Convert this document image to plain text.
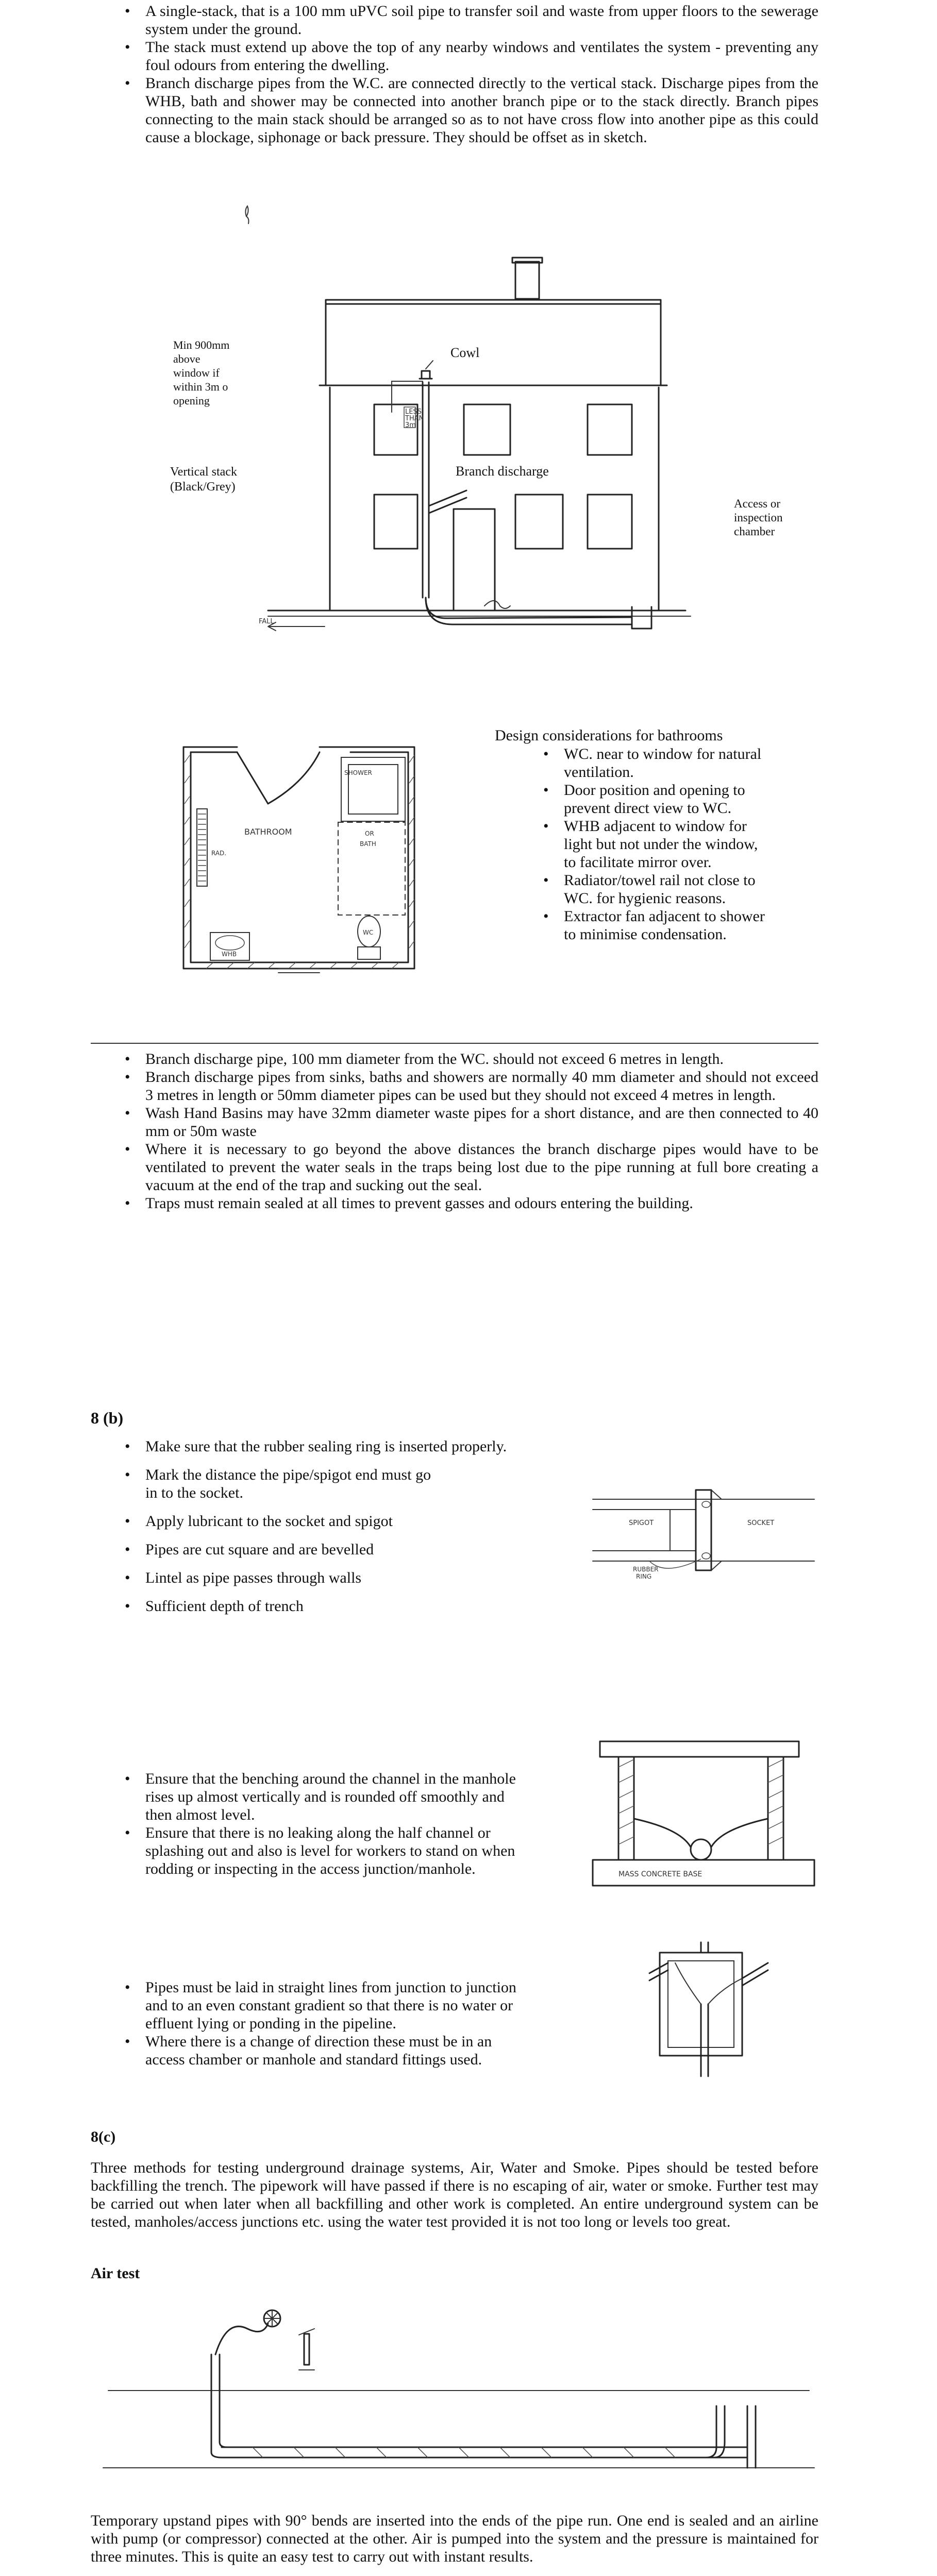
• A single-stack, that is a 100 mm uPVC soil pipe to transfer soil and waste from upper floors to the sewerage system under the ground.
• The stack must extend up above the top of any nearby windows and ventilates the system - preventing any foul odours from entering the dwelling.
• Branch discharge pipes from the W.C. are connected directly to the vertical stack. Discharge pipes from the WHB, bath and shower may be connected into another branch pipe or to the stack directly. Branch pipes connecting to the main stack should be arranged so as to not have cross flow into another pipe as this could cause a blockage, siphonage or back pressure. They should be offset as in sketch.
FALL
LESS
THAN
3m
Min 900mm
above
window if
within 3m o
opening
Cowl
Vertical stack
(Black/Grey)
Branch discharge
Access or
inspection
chamber
SHOWER
OR
BATH
BATHROOM
RAD.
WHB
WC
Design considerations for bathrooms
• WC. near to window for natural ventilation.
• Door position and opening to prevent direct view to WC.
• WHB adjacent to window for light but not under the window, to facilitate mirror over.
• Radiator/towel rail not close to WC. for hygienic reasons.
• Extractor fan adjacent to shower to minimise condensation.
• Branch discharge pipe, 100 mm diameter from the WC. should not exceed 6 metres in length.
• Branch discharge pipes from sinks, baths and showers are normally 40 mm diameter and should not exceed 3 metres in length or 50mm diameter pipes can be used but they should not exceed 4 metres in length.
• Wash Hand Basins may have 32mm diameter waste pipes for a short distance, and are then connected to 40 mm or 50m waste
• Where it is necessary to go beyond the above distances the branch discharge pipes would have to be ventilated to prevent the water seals in the traps being lost due to the pipe running at full bore creating a vacuum at the end of the trap and sucking out the seal.
• Traps must remain sealed at all times to prevent gasses and odours entering the building.
8 (b)
• Make sure that the rubber sealing ring is inserted properly.
• Mark the distance the pipe/spigot end must go in to the socket.
• Apply lubricant to the socket and spigot
• Pipes are cut square and are bevelled
• Lintel as pipe passes through walls
• Sufficient depth of trench
SPIGOT	SOCKET
RUBBER
RING
• Ensure that the benching around the channel in the manhole rises up almost vertically and is rounded off smoothly and then almost level.
• Ensure that there is no leaking along the half channel or splashing out and also is level for workers to stand on when rodding or inspecting in the access junction/manhole.	MASS CONCRETE BASE
• Pipes must be laid in straight lines from junction to junction and to an even constant gradient so that there is no water or effluent lying or ponding in the pipeline.
• Where there is a change of direction these must be in an access chamber or manhole and standard fittings used.
8(c)
Three methods for testing underground drainage systems, Air, Water and Smoke. Pipes should be tested before backfilling the trench. The pipework will have passed if there is no escaping of air, water or smoke. Further test may be carried out when later when all backfilling and other work is completed. An entire underground system can be tested, manholes/access junctions etc. using the water test provided it is not too long or levels too great.
Air test
Temporary upstand pipes with 90° bends are inserted into the ends of the pipe run. One end is sealed and an airline with pump (or compressor) connected at the other. Air is pumped into the system and the pressure is maintained for three minutes. This is quite an easy test to carry out with instant results.
